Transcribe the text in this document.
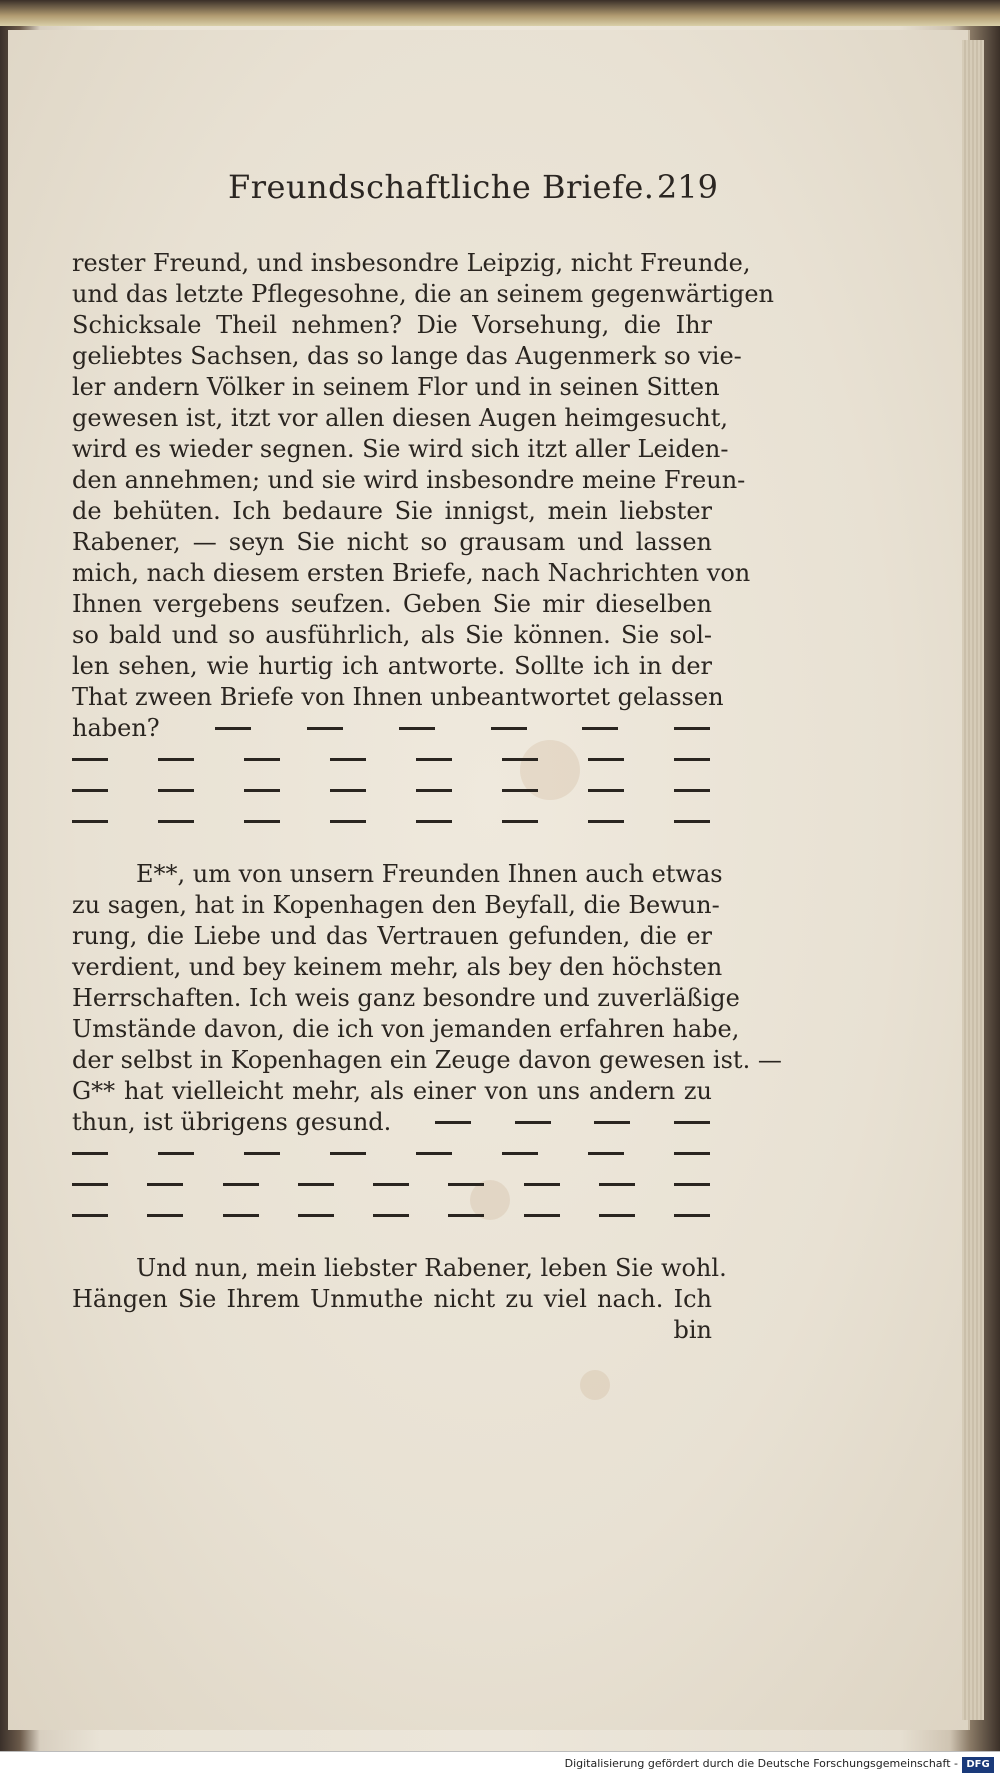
Freundschaftliche Briefe. 219
rester Freund, und insbesondre Leipzig, nicht Freunde,
und das letzte Pflegesohne, die an seinem gegenwärtigen
Schicksale Theil nehmen? Die Vorsehung, die Ihr
geliebtes Sachsen, das so lange das Augenmerk so vie-
ler andern Völker in seinem Flor und in seinen Sitten
gewesen ist, itzt vor allen diesen Augen heimgesucht,
wird es wieder segnen. Sie wird sich itzt aller Leiden-
den annehmen; und sie wird insbesondre meine Freun-
de behüten. Ich bedaure Sie innigst, mein liebster
Rabener, — seyn Sie nicht so grausam und lassen
mich, nach diesem ersten Briefe, nach Nachrichten von
Ihnen vergebens seufzen. Geben Sie mir dieselben
so bald und so ausführlich, als Sie können. Sie sol-
len sehen, wie hurtig ich antworte. Sollte ich in der
That zween Briefe von Ihnen unbeantwortet gelassen
haben?
E**, um von unsern Freunden Ihnen auch etwas
zu sagen, hat in Kopenhagen den Beyfall, die Bewun-
rung, die Liebe und das Vertrauen gefunden, die er
verdient, und bey keinem mehr, als bey den höchsten
Herrschaften. Ich weis ganz besondre und zuverläßige
Umstände davon, die ich von jemanden erfahren habe,
der selbst in Kopenhagen ein Zeuge davon gewesen ist. —
G** hat vielleicht mehr, als einer von uns andern zu
thun, ist übrigens gesund.
Und nun, mein liebster Rabener, leben Sie wohl.
Hängen Sie Ihrem Unmuthe nicht zu viel nach. Ich
bin
Digitalisierung gefördert durch die Deutsche Forschungsgemeinschaft - DFG
